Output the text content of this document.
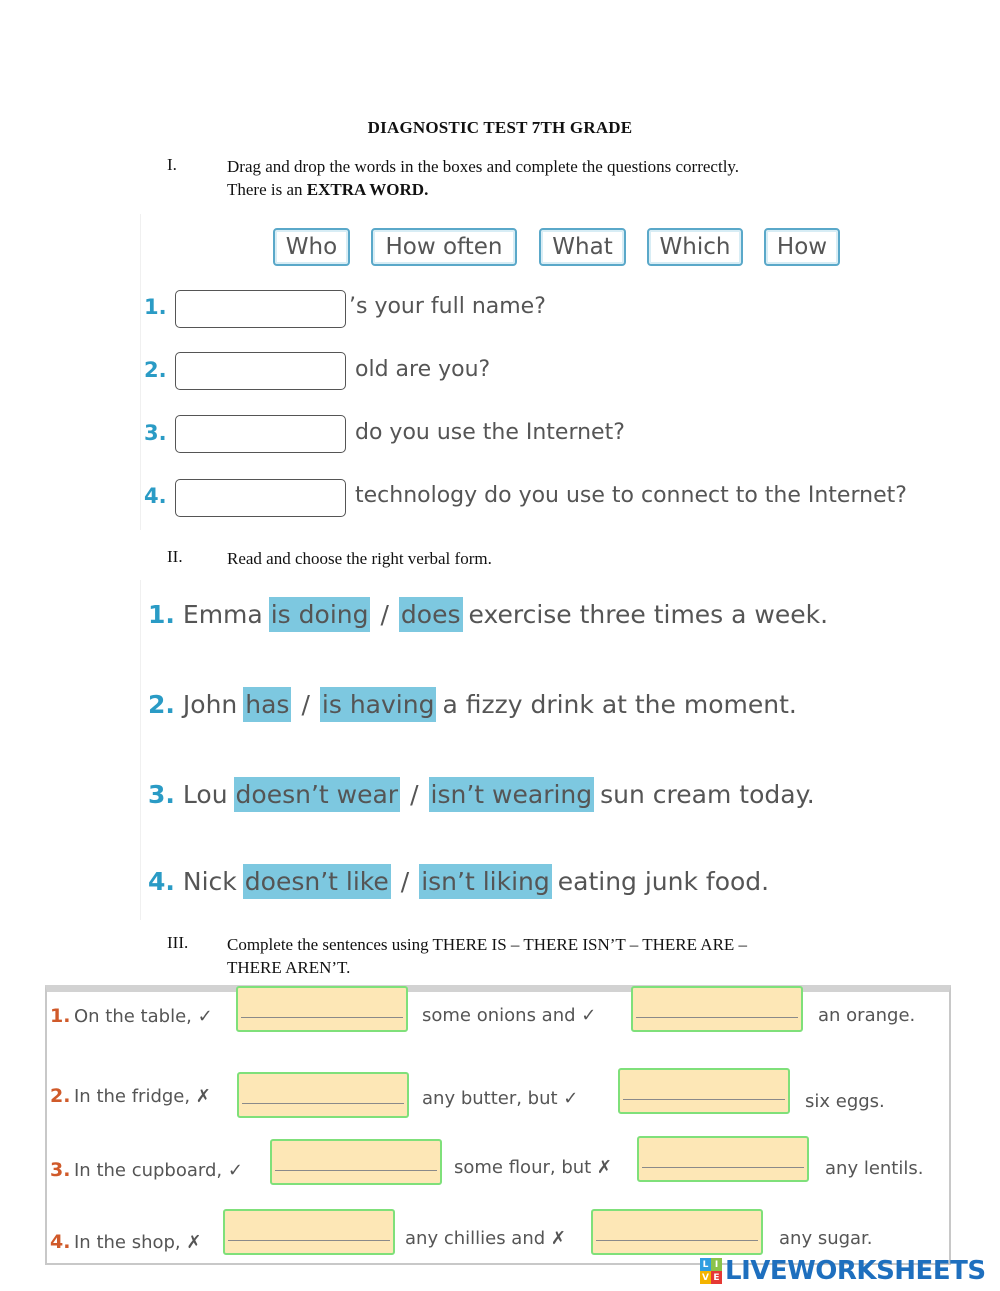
DIAGNOSTIC TEST 7TH GRADE
I.	Drag and drop the words in the boxes and complete the questions correctly.
There is an EXTRA WORD.
Who	How often	What	Which	How
1.	’s your full name?
2.	old are you?
3.	do you use the Internet?
4.	technology do you use to connect to the Internet?
II.	Read and choose the right verbal form.
1. Emma is doing / does exercise three times a week.
2. John has / is having a fizzy drink at the moment.
3. Lou doesn’t wear / isn’t wearing sun cream today.
4. Nick doesn’t like / isn’t liking eating junk food.
III. Complete the sentences using THERE IS – THERE ISN’T – THERE ARE –
THERE AREN’T.
1. On the table, ✓	some onions and ✓	an orange.
2. In the fridge, ✗	any butter, but ✓	six eggs.
3. In the cupboard, ✓	some flour, but ✗	any lentils.
4. In the shop, ✗	any chillies and ✗	any sugar.
L I
V E LIVEWORKSHEETS
